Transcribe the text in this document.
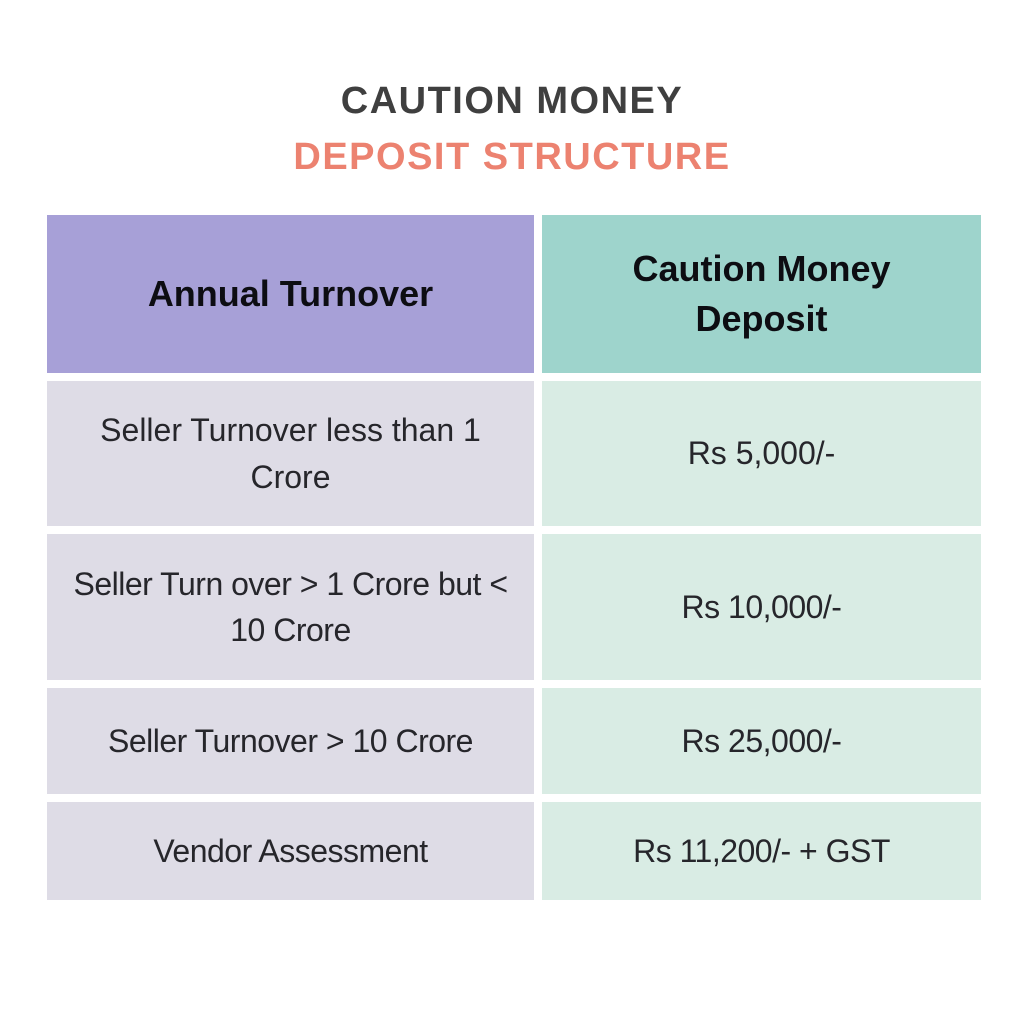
CAUTION MONEY
DEPOSIT STRUCTURE
Annual Turnover
Caution Money Deposit
Seller Turnover less than 1 Crore
Rs 5,000/-
Seller Turn over > 1 Crore but < 10 Crore
Rs 10,000/-
Seller Turnover > 10 Crore	Rs 25,000/-
Vendor Assessment	Rs 11,200/- + GST
